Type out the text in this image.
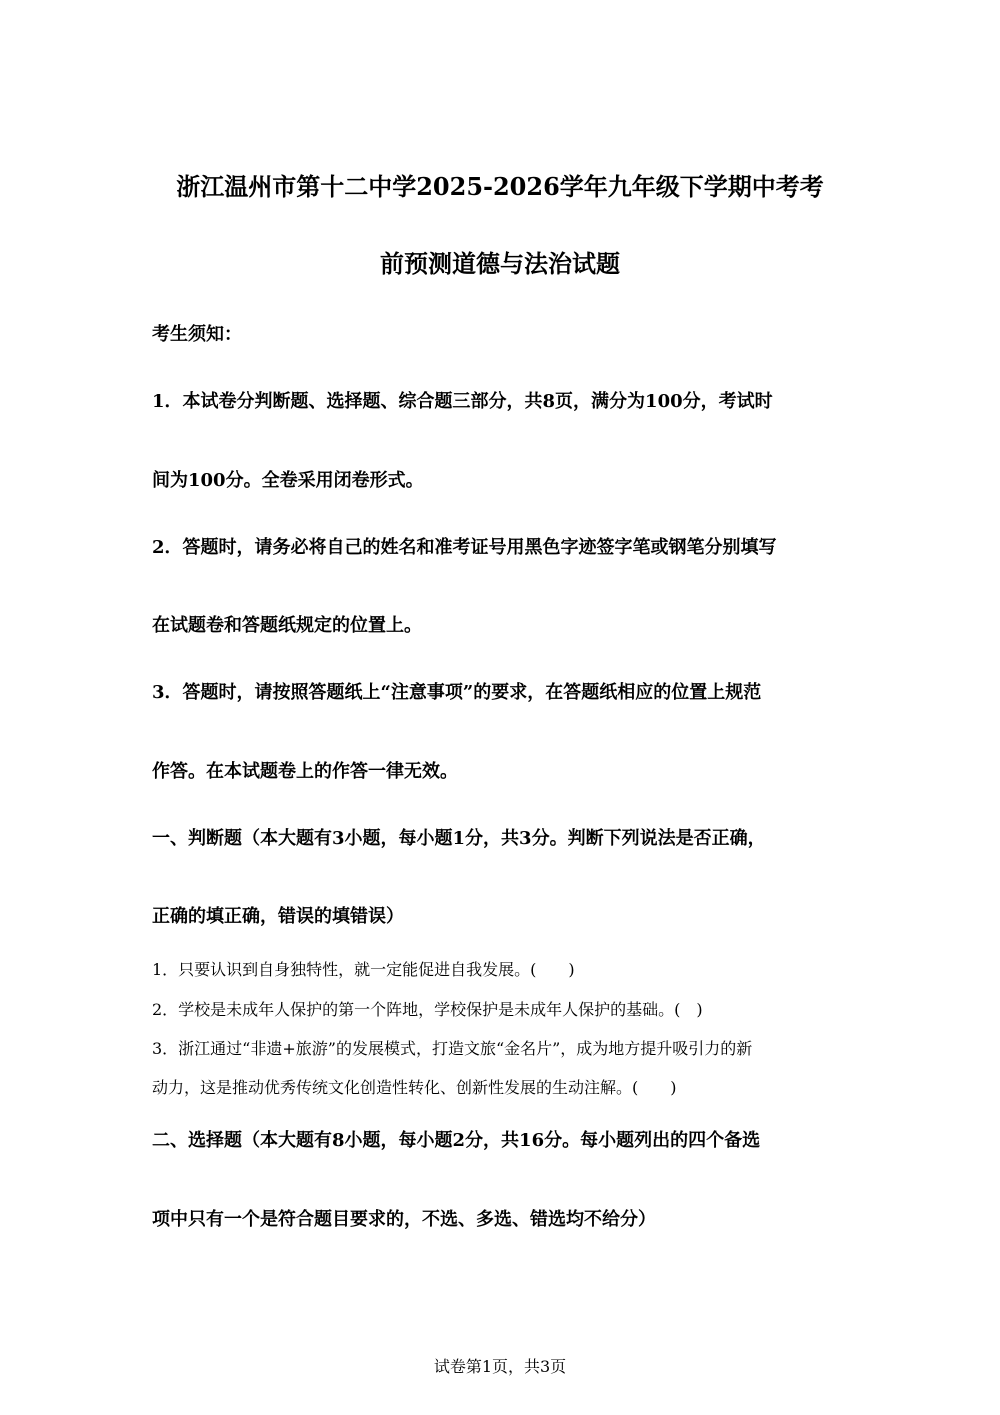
浙江温州市第十二中学2025-2026学年九年级下学期中考考
前预测道德与法治试题
考生须知：
1．本试卷分判断题、选择题、综合题三部分，共8页，满分为100分，考试时
间为100分。全卷采用闭卷形式。
2．答题时，请务必将自己的姓名和准考证号用黑色字迹签字笔或钢笔分别填写
在试题卷和答题纸规定的位置上。
3．答题时，请按照答题纸上“注意事项”的要求，在答题纸相应的位置上规范
作答。在本试题卷上的作答一律无效。
一、判断题（本大题有3小题，每小题1分，共3分。判断下列说法是否正确，
正确的填正确，错误的填错误）
1．只要认识到自身独特性，就一定能促进自我发展。(　　)
2．学校是未成年人保护的第一个阵地，学校保护是未成年人保护的基础。(　)
3．浙江通过“非遗+旅游”的发展模式，打造文旅“金名片”，成为地方提升吸引力的新
动力，这是推动优秀传统文化创造性转化、创新性发展的生动注解。(　　)
二、选择题（本大题有8小题，每小题2分，共16分。每小题列出的四个备选
项中只有一个是符合题目要求的，不选、多选、错选均不给分）
试卷第1页，共3页
